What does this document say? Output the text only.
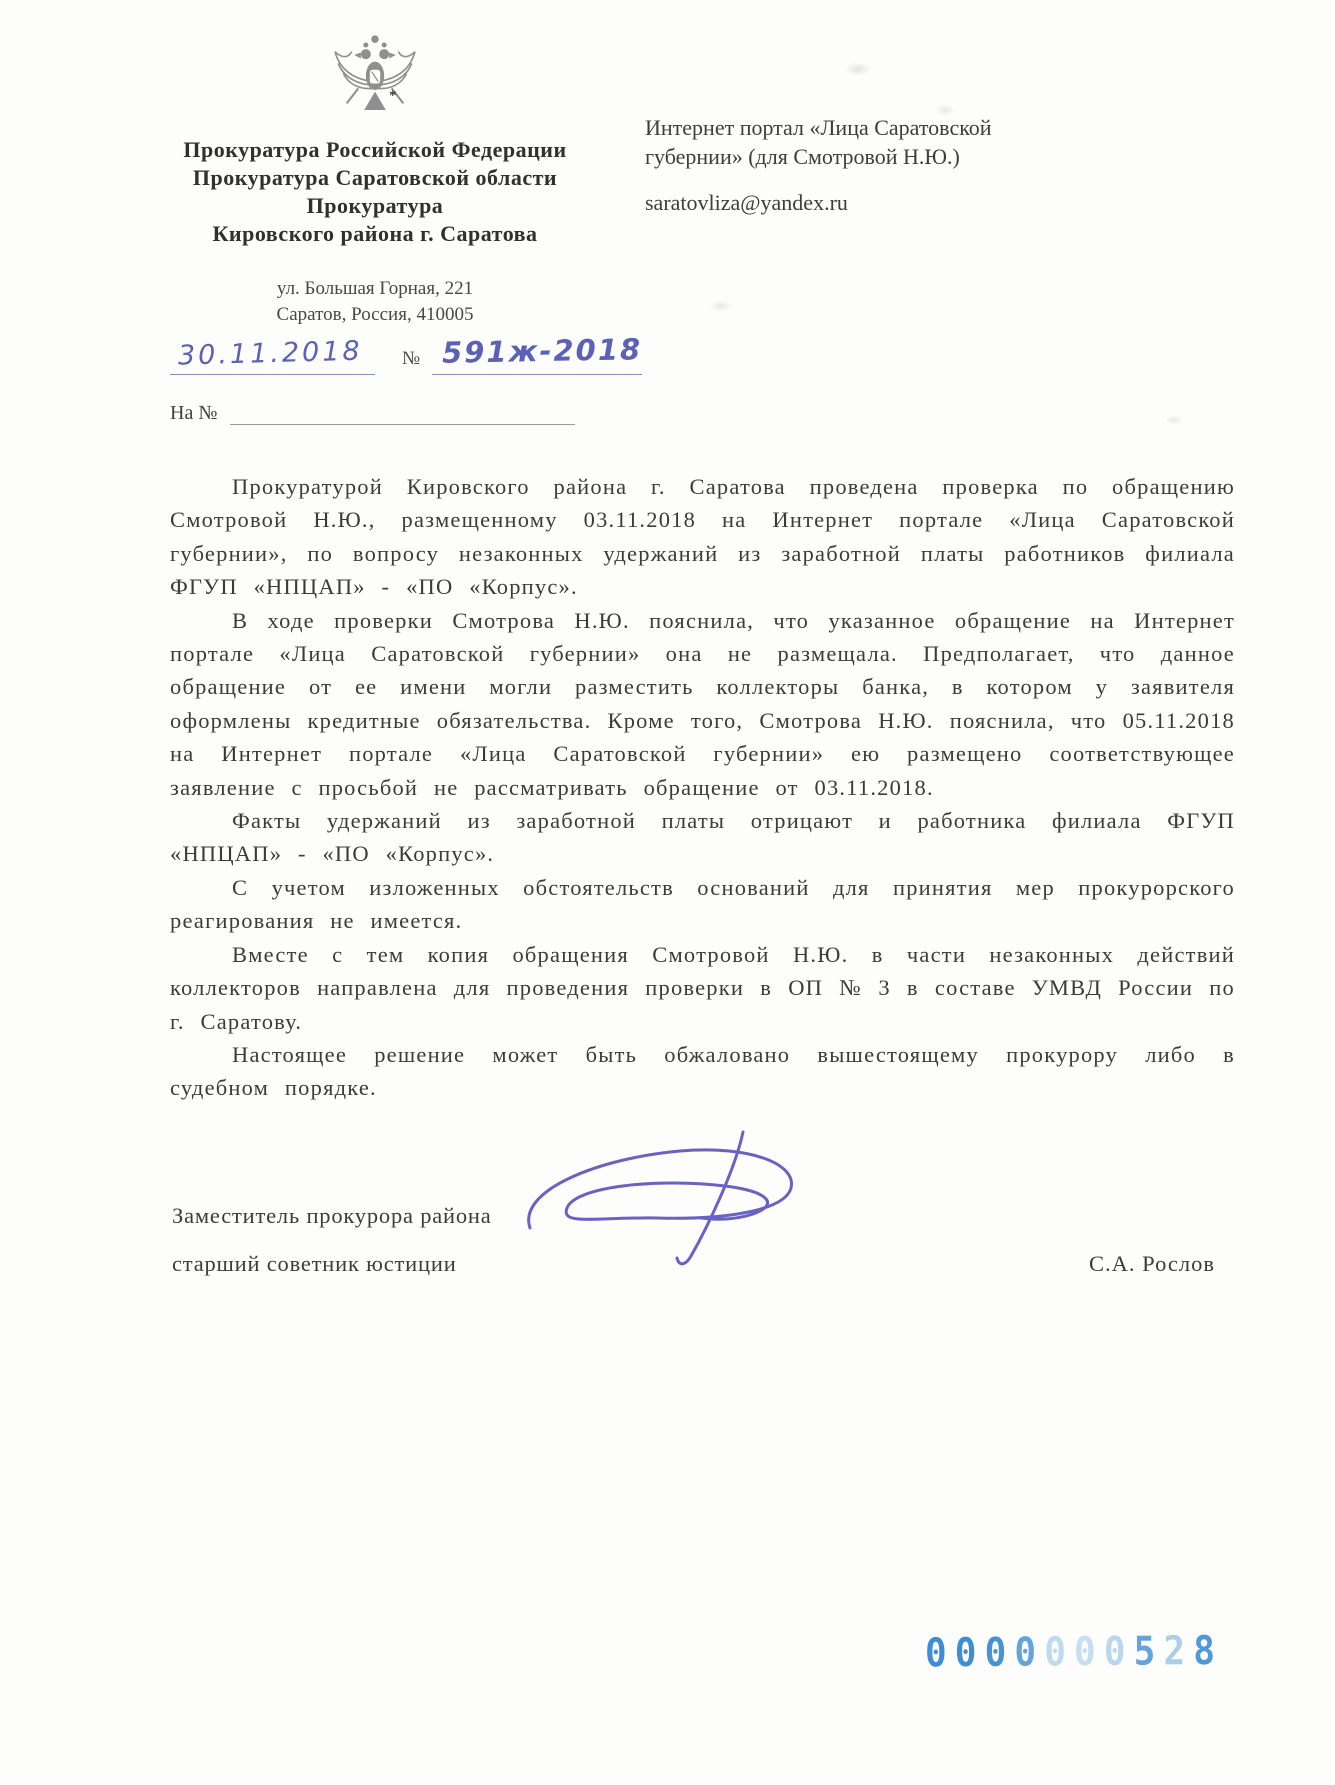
*
Прокуратура Российской Федерации
Прокуратура Саратовской области
Прокуратура
Кировского района г. Саратова
ул. Большая Горная, 221
Саратов, Россия, 410005
Интернет портал «Лица Саратовской
губернии» (для Смотровой Н.Ю.)
saratovliza@yandex.ru
30.11.2018 № 591ж-2018
На №

Прокуратурой Кировского района г. Саратова проведена проверка по обращению Смотровой Н.Ю., размещенному 03.11.2018 на Интернет портале «Лица Саратовской губернии», по вопросу незаконных удержаний из заработной платы работников филиала ФГУП «НПЦАП» - «ПО «Корпус».

В ходе проверки Смотрова Н.Ю. пояснила, что указанное обращение на Интернет портале «Лица Саратовской губернии» она не размещала. Предполагает, что данное обращение от ее имени могли разместить коллекторы банка, в котором у заявителя оформлены кредитные обязательства. Кроме того, Смотрова Н.Ю. пояснила, что 05.11.2018 на Интернет портале «Лица Саратовской губернии» ею размещено соответствующее заявление с просьбой не рассматривать обращение от 03.11.2018.

Факты удержаний из заработной платы отрицают и работника филиала ФГУП «НПЦАП» - «ПО «Корпус».

С учетом изложенных обстоятельств оснований для принятия мер прокурорского реагирования не имеется.

Вместе с тем копия обращения Смотровой Н.Ю. в части незаконных действий коллекторов направлена для проведения проверки в ОП № 3 в составе УМВД России по г. Саратову.

Настоящее решение может быть обжаловано вышестоящему прокурору либо в судебном порядке.

Заместитель прокурора района
старший советник юстиции	С.А. Рослов
0 0 0 0 0 0 0 5 2 8
